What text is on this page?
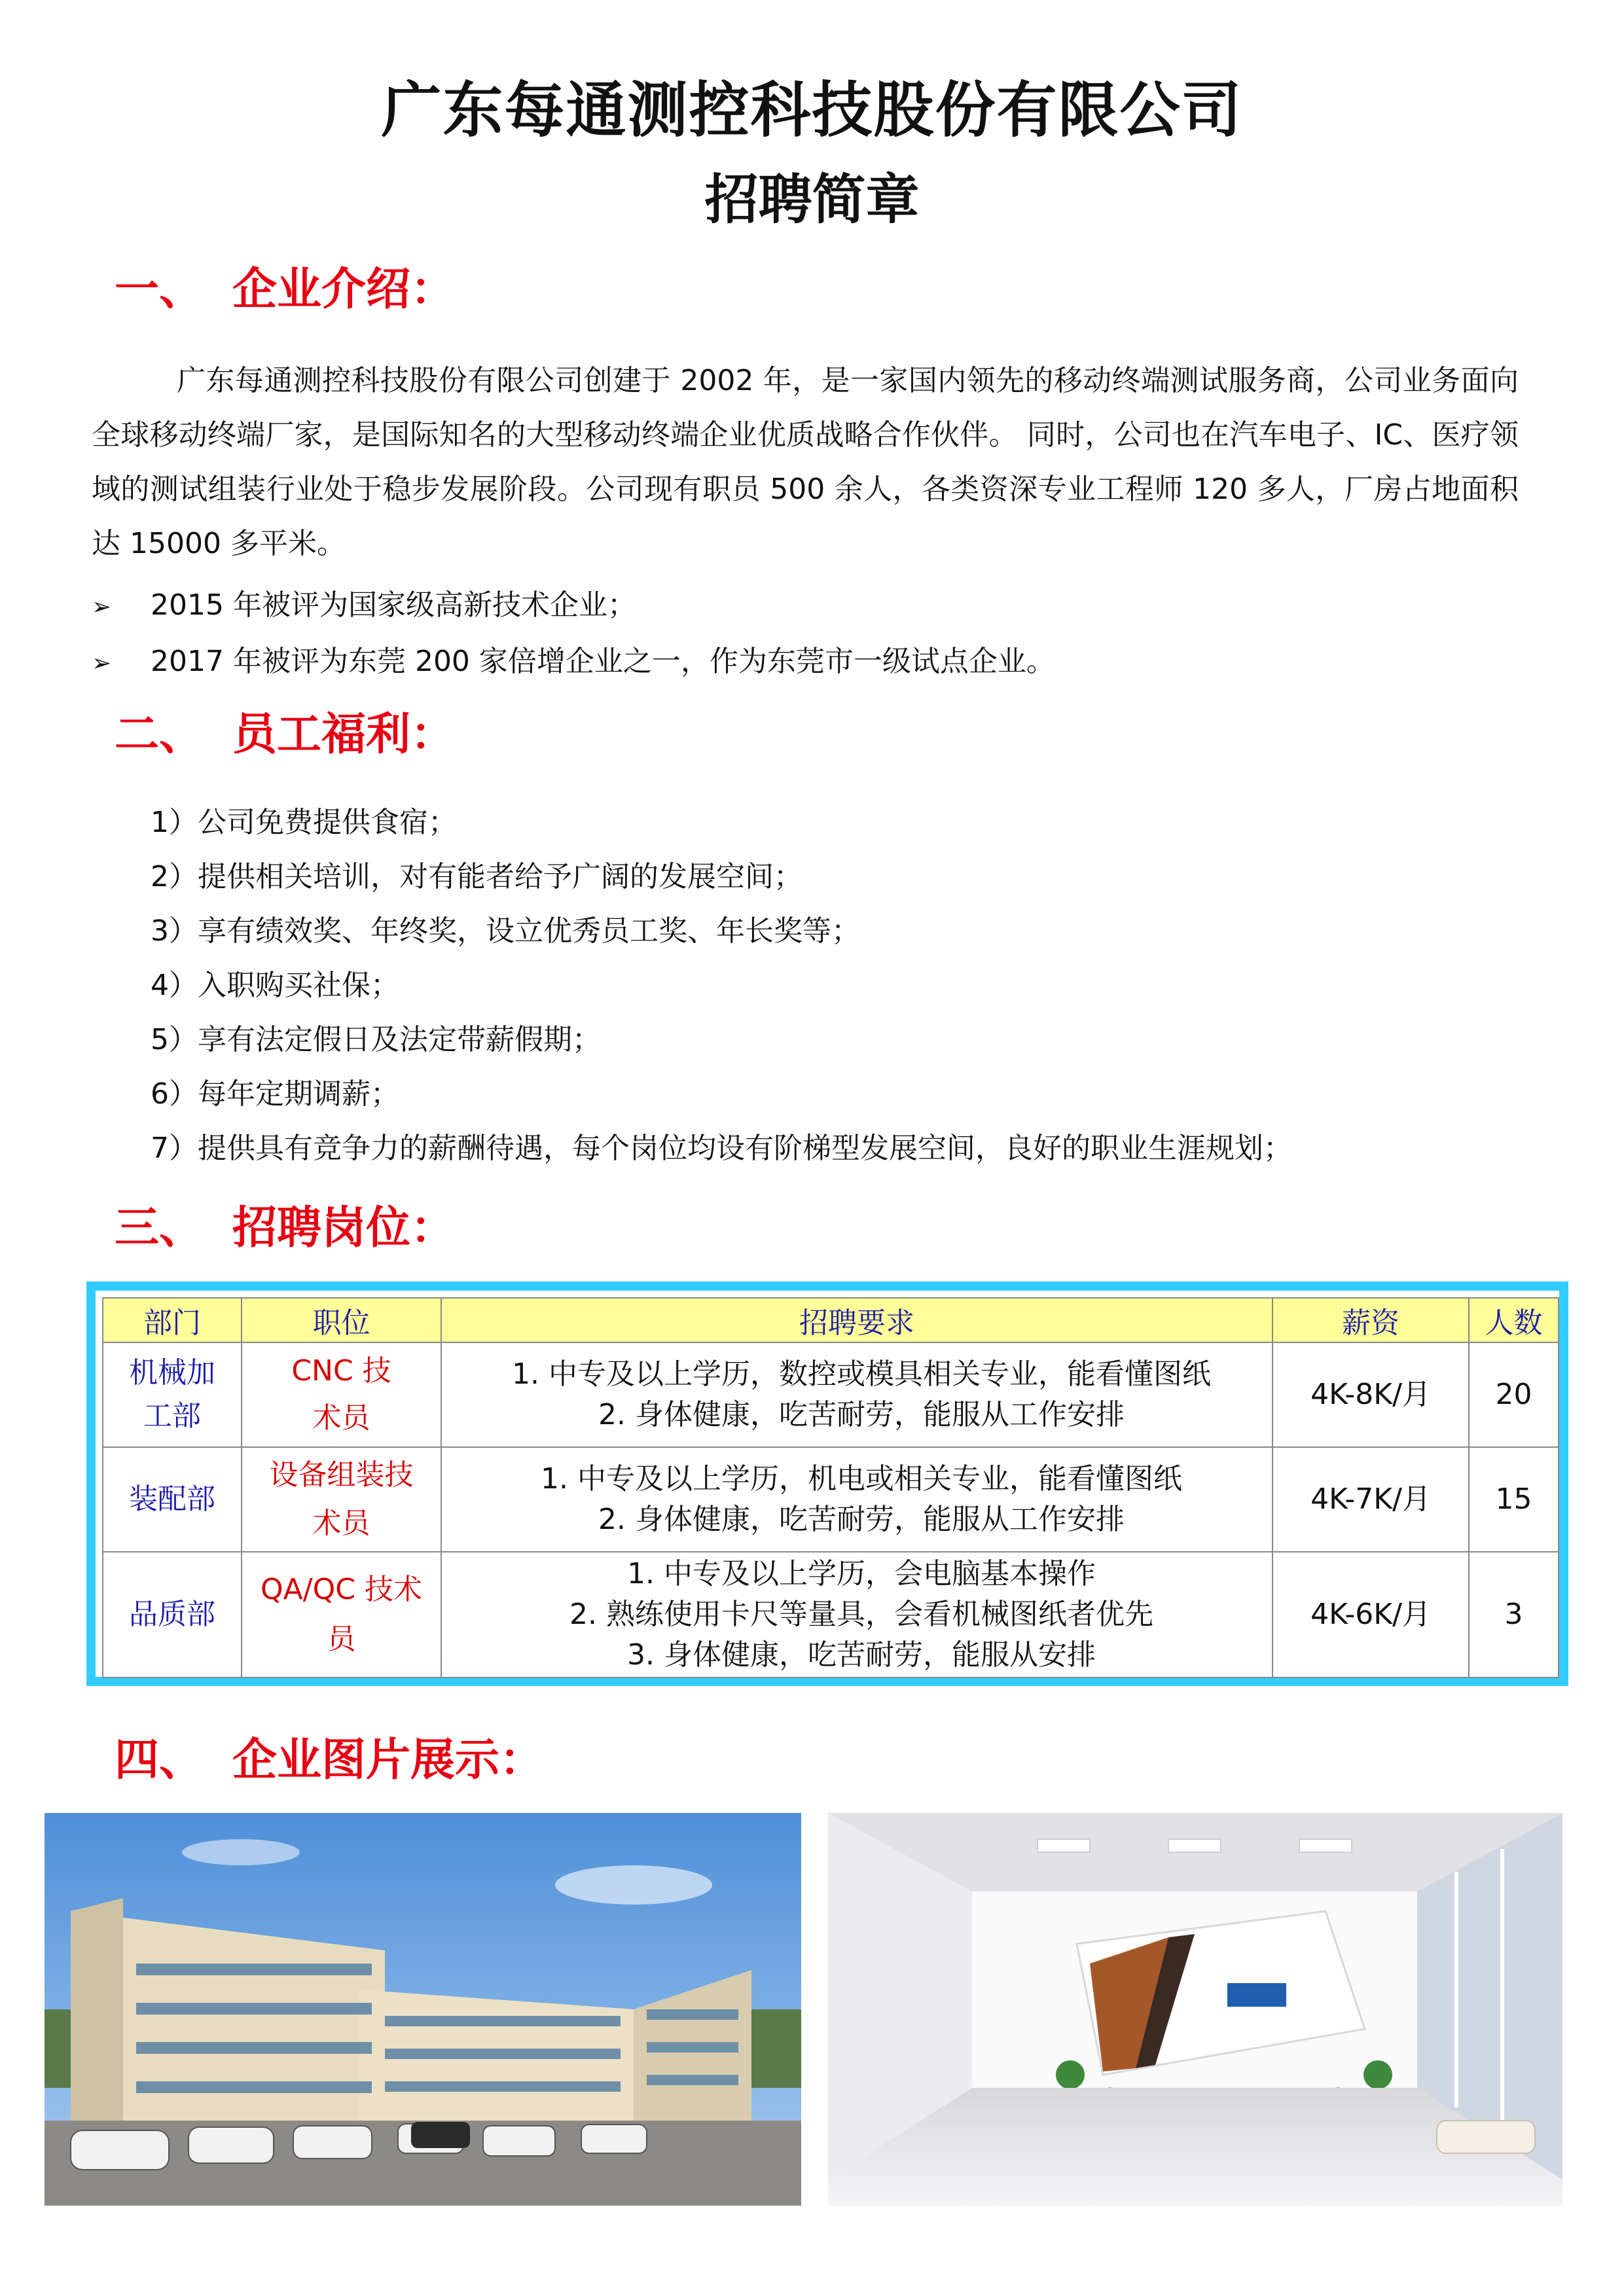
广东每通测控科技股份有限公司
招聘简章
一、 企业介绍：

广东每通测控科技股份有限公司创建于 2002 年，是一家国内领先的移动终端测试服务商，公司业务面向全球移动终端厂家，是国际知名的大型移动终端企业优质战略合作伙伴。 同时，公司也在汽车电子、IC、医疗领域的测试组装行业处于稳步发展阶段。公司现有职员 500 余人，各类资深专业工程师 120 多人，厂房占地面积达 15000 多平米。

➢ 2015 年被评为国家级高新技术企业；
➢ 2017 年被评为东莞 200 家倍增企业之一，作为东莞市一级试点企业。
二、 员工福利：
1）公司免费提供食宿；
2）提供相关培训，对有能者给予广阔的发展空间；
3）享有绩效奖、年终奖，设立优秀员工奖、年长奖等；
4）入职购买社保；
5）享有法定假日及法定带薪假期；
6）每年定期调薪；
7）提供具有竞争力的薪酬待遇，每个岗位均设有阶梯型发展空间，良好的职业生涯规划；
三、 招聘岗位：
部门	职位	招聘要求	薪资	人数

机械加工部	CNC 技术员	1. 中专及以上学历，数控或模具相关专业，能看懂图纸
2. 身体健康，吃苦耐劳，能服从工作安排	4K-8K/月	20
装配部	设备组装技术员	1. 中专及以上学历，机电或相关专业，能看懂图纸
2. 身体健康，吃苦耐劳，能服从工作安排	4K-7K/月	15
品质部	QA/QC 技术员	1. 中专及以上学历，会电脑基本操作
2. 熟练使用卡尺等量具，会看机械图纸者优先
3. 身体健康，吃苦耐劳，能服从安排	4K-6K/月	3
四、 企业图片展示：
